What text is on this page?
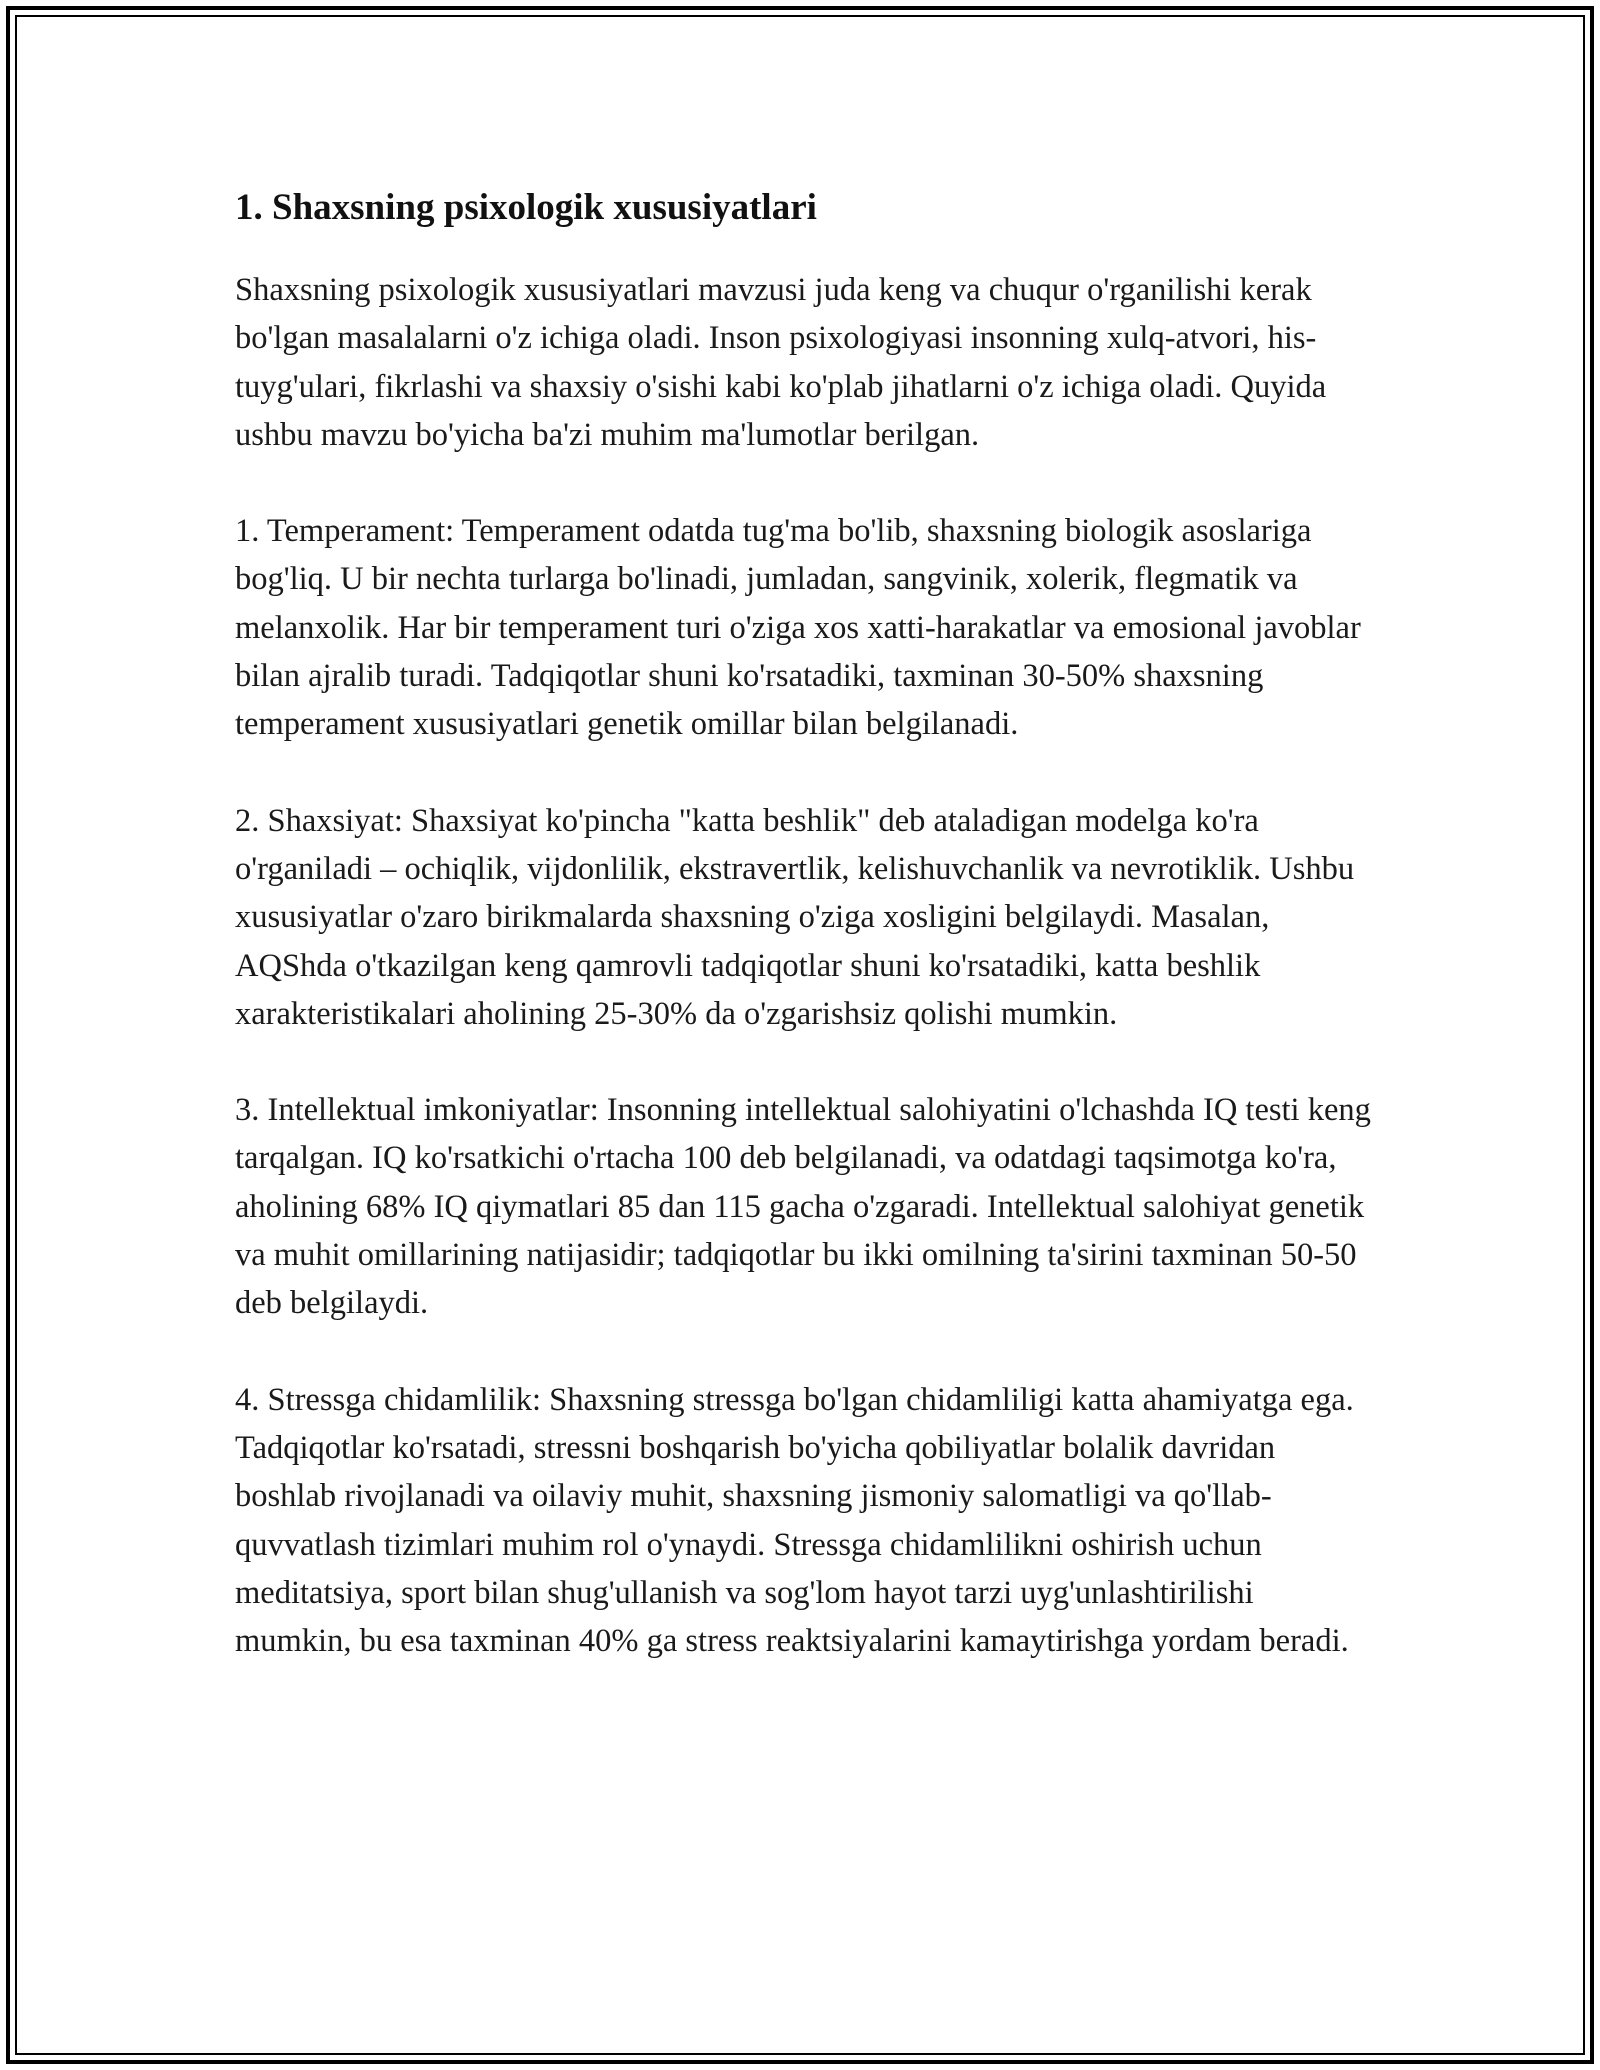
1. Shaxsning psixologik xususiyatlari

Shaxsning psixologik xususiyatlari mavzusi juda keng va chuqur o'rganilishi kerak bo'lgan masalalarni o'z ichiga oladi. Inson psixologiyasi insonning xulq-atvori, his-tuyg'ulari, fikrlashi va shaxsiy o'sishi kabi ko'plab jihatlarni o'z ichiga oladi. Quyida ushbu mavzu bo'yicha ba'zi muhim ma'lumotlar berilgan.

1. Temperament: Temperament odatda tug'ma bo'lib, shaxsning biologik asoslariga bog'liq. U bir nechta turlarga bo'linadi, jumladan, sangvinik, xolerik, flegmatik va melanxolik. Har bir temperament turi o'ziga xos xatti-harakatlar va emosional javoblar bilan ajralib turadi. Tadqiqotlar shuni ko'rsatadiki, taxminan 30-50% shaxsning temperament xususiyatlari genetik omillar bilan belgilanadi.

2. Shaxsiyat: Shaxsiyat ko'pincha "katta beshlik" deb ataladigan modelga ko'ra o'rganiladi – ochiqlik, vijdonlilik, ekstravertlik, kelishuvchanlik va nevrotiklik. Ushbu xususiyatlar o'zaro birikmalarda shaxsning o'ziga xosligini belgilaydi. Masalan, AQShda o'tkazilgan keng qamrovli tadqiqotlar shuni ko'rsatadiki, katta beshlik xarakteristikalari aholining 25-30% da o'zgarishsiz qolishi mumkin.

3. Intellektual imkoniyatlar: Insonning intellektual salohiyatini o'lchashda IQ testi keng tarqalgan. IQ ko'rsatkichi o'rtacha 100 deb belgilanadi, va odatdagi taqsimotga ko'ra, aholining 68% IQ qiymatlari 85 dan 115 gacha o'zgaradi. Intellektual salohiyat genetik va muhit omillarining natijasidir; tadqiqotlar bu ikki omilning ta'sirini taxminan 50-50 deb belgilaydi.

4. Stressga chidamlilik: Shaxsning stressga bo'lgan chidamliligi katta ahamiyatga ega. Tadqiqotlar ko'rsatadi, stressni boshqarish bo'yicha qobiliyatlar bolalik davridan boshlab rivojlanadi va oilaviy muhit, shaxsning jismoniy salomatligi va qo'llab-quvvatlash tizimlari muhim rol o'ynaydi. Stressga chidamlilikni oshirish uchun meditatsiya, sport bilan shug'ullanish va sog'lom hayot tarzi uyg'unlashtirilishi mumkin, bu esa taxminan 40% ga stress reaktsiyalarini kamaytirishga yordam beradi.
